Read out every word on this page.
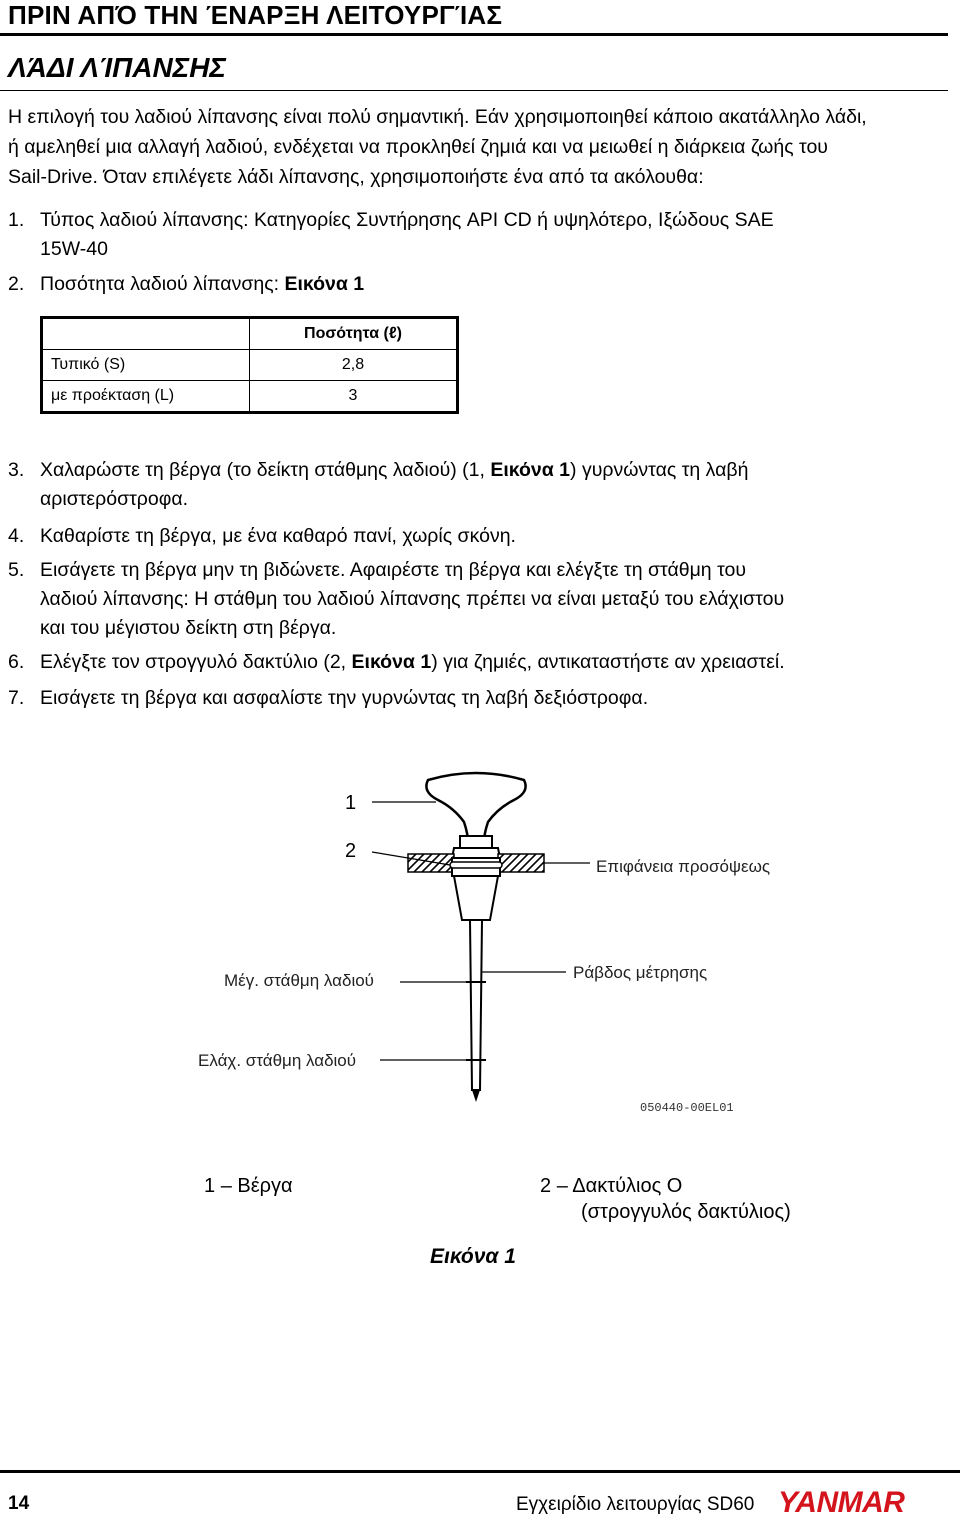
ΠΡΙΝ ΑΠΌ ΤΗΝ ΈΝΑΡΞΗ ΛΕΙΤΟΥΡΓΊΑΣ
ΛΆΔΙ ΛΊΠΑΝΣΗΣ
Η επιλογή του λαδιού λίπανσης είναι πολύ σημαντική. Εάν χρησιμοποιηθεί κάποιο ακατάλληλο λάδι,
ή αμεληθεί μια αλλαγή λαδιού, ενδέχεται να προκληθεί ζημιά και να μειωθεί η διάρκεια ζωής του
Sail-Drive. Όταν επιλέγετε λάδι λίπανσης, χρησιμοποιήστε ένα από τα ακόλουθα:
1. Τύπος λαδιού λίπανσης: Κατηγορίες Συντήρησης API CD ή υψηλότερο, Ιξώδους SAE
15W-40
2. Ποσότητα λαδιού λίπανσης: Εικόνα 1
	Ποσότητα (ℓ)
Τυπικό (S)	2,8
με προέκταση (L)	3
3. Χαλαρώστε τη βέργα (το δείκτη στάθμης λαδιού) (1, Εικόνα 1) γυρνώντας τη λαβή
αριστερόστροφα.
4. Καθαρίστε τη βέργα, με ένα καθαρό πανί, χωρίς σκόνη.
5. Εισάγετε τη βέργα μην τη βιδώνετε. Αφαιρέστε τη βέργα και ελέγξτε τη στάθμη του
λαδιού λίπανσης: Η στάθμη του λαδιού λίπανσης πρέπει να είναι μεταξύ του ελάχιστου
και του μέγιστου δείκτη στη βέργα.
6. Ελέγξτε τον στρογγυλό δακτύλιο (2, Εικόνα 1) για ζημιές, αντικαταστήστε αν χρειαστεί.
7. Εισάγετε τη βέργα και ασφαλίστε την γυρνώντας τη λαβή δεξιόστροφα.
1
2
Επιφάνεια προσόψεως
Μέγ. στάθμη λαδιού	Ράβδος μέτρησης
Ελάχ. στάθμη λαδιού
050440-00EL01
1 – Βέργα	2 – Δακτύλιος O
(στρογγυλός δακτύλιος)
Εικόνα 1
14	Εγχειρίδιο λειτουργίας SD60 YANMAR
